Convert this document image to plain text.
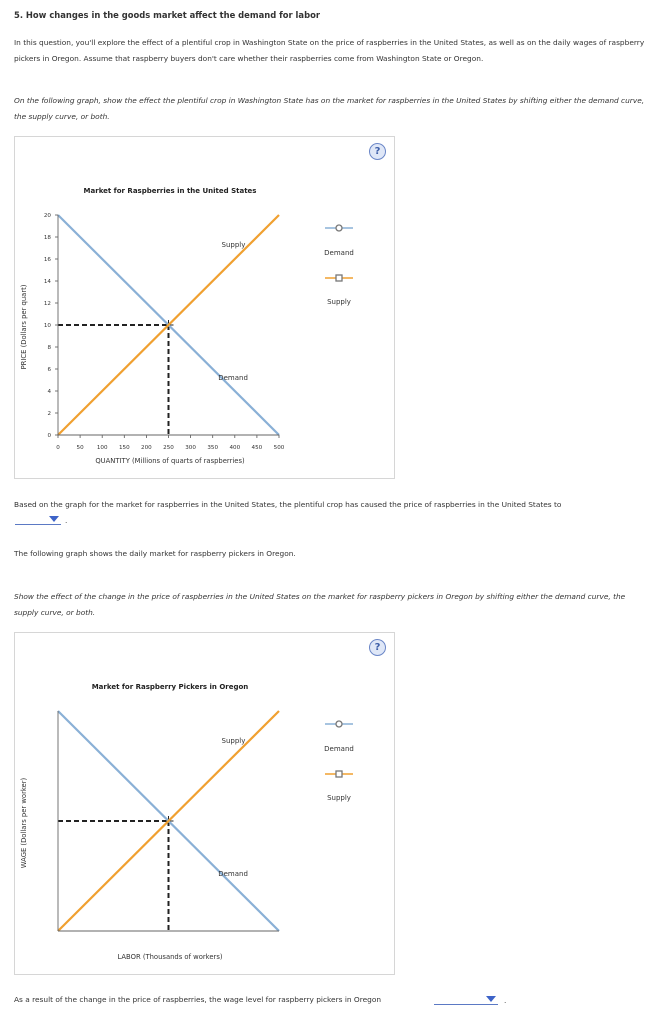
5. How changes in the goods market affect the demand for labor
In this question, you'll explore the effect of a plentiful crop in Washington State on the price of raspberries in the United States, as well as on the daily wages of raspberry pickers in Oregon. Assume that raspberry buyers don't care whether their raspberries come from Washington State or Oregon.
On the following graph, show the effect the plentiful crop in Washington State has on the market for raspberries in the United States by shifting either the demand curve, the supply curve, or both.
?
Market for Raspberries in the United States
PRICE (Dollars per quart)
QUANTITY (Millions of quarts of raspberries)
0
2
4
6
8
10
12
14
16
18
20
0	50 100 150 200 250 300 350 400 450 500
Supply
Demand
Demand
Supply
Based on the graph for the market for raspberries in the United States, the plentiful crop has caused the price of raspberries in the United States to
.
The following graph shows the daily market for raspberry pickers in Oregon.
Show the effect of the change in the price of raspberries in the United States on the market for raspberry pickers in Oregon by shifting either the demand curve, the supply curve, or both.
?
Market for Raspberry Pickers in Oregon
WAGE (Dollars per worker)
LABOR (Thousands of workers)
Supply
Demand
Demand
Supply
As a result of the change in the price of raspberries, the wage level for raspberry pickers in Oregon	.
